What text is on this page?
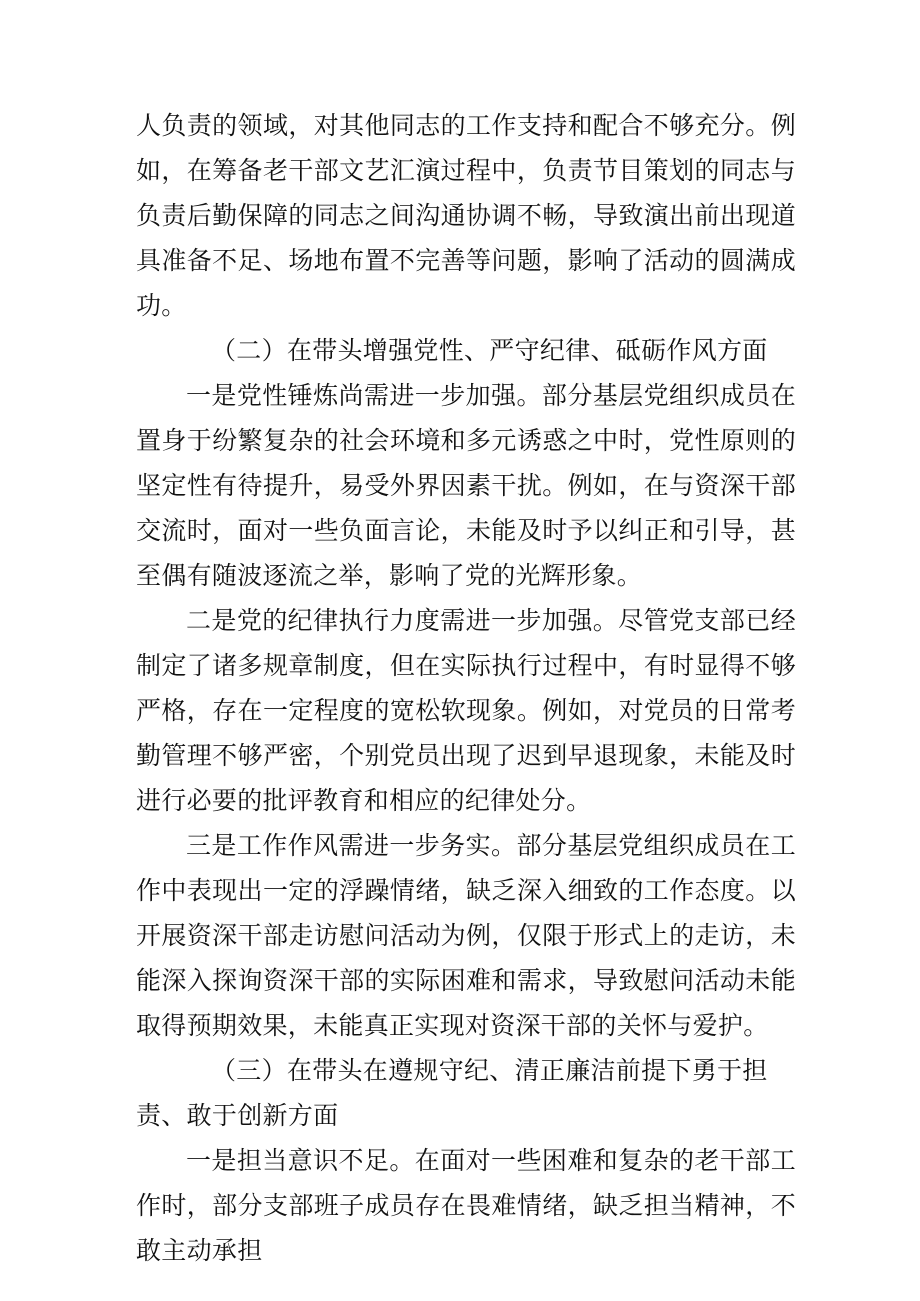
人负责的领域，对其他同志的工作支持和配合不够充分。例如，在筹备老干部文艺汇演过程中，负责节目策划的同志与负责后勤保障的同志之间沟通协调不畅，导致演出前出现道具准备不足、场地布置不完善等问题，影响了活动的圆满成功。

（二）在带头增强党性、严守纪律、砥砺作风方面

一是党性锤炼尚需进一步加强。部分基层党组织成员在置身于纷繁复杂的社会环境和多元诱惑之中时，党性原则的坚定性有待提升，易受外界因素干扰。例如，在与资深干部交流时，面对一些负面言论，未能及时予以纠正和引导，甚至偶有随波逐流之举，影响了党的光辉形象。

二是党的纪律执行力度需进一步加强。尽管党支部已经制定了诸多规章制度，但在实际执行过程中，有时显得不够严格，存在一定程度的宽松软现象。例如，对党员的日常考勤管理不够严密，个别党员出现了迟到早退现象，未能及时进行必要的批评教育和相应的纪律处分。

三是工作作风需进一步务实。部分基层党组织成员在工作中表现出一定的浮躁情绪，缺乏深入细致的工作态度。以开展资深干部走访慰问活动为例，仅限于形式上的走访，未能深入探询资深干部的实际困难和需求，导致慰问活动未能取得预期效果，未能真正实现对资深干部的关怀与爱护。

（三）在带头在遵规守纪、清正廉洁前提下勇于担责、敢于创新方面

一是担当意识不足。在面对一些困难和复杂的老干部工作时，部分支部班子成员存在畏难情绪，缺乏担当精神，不敢主动承担
